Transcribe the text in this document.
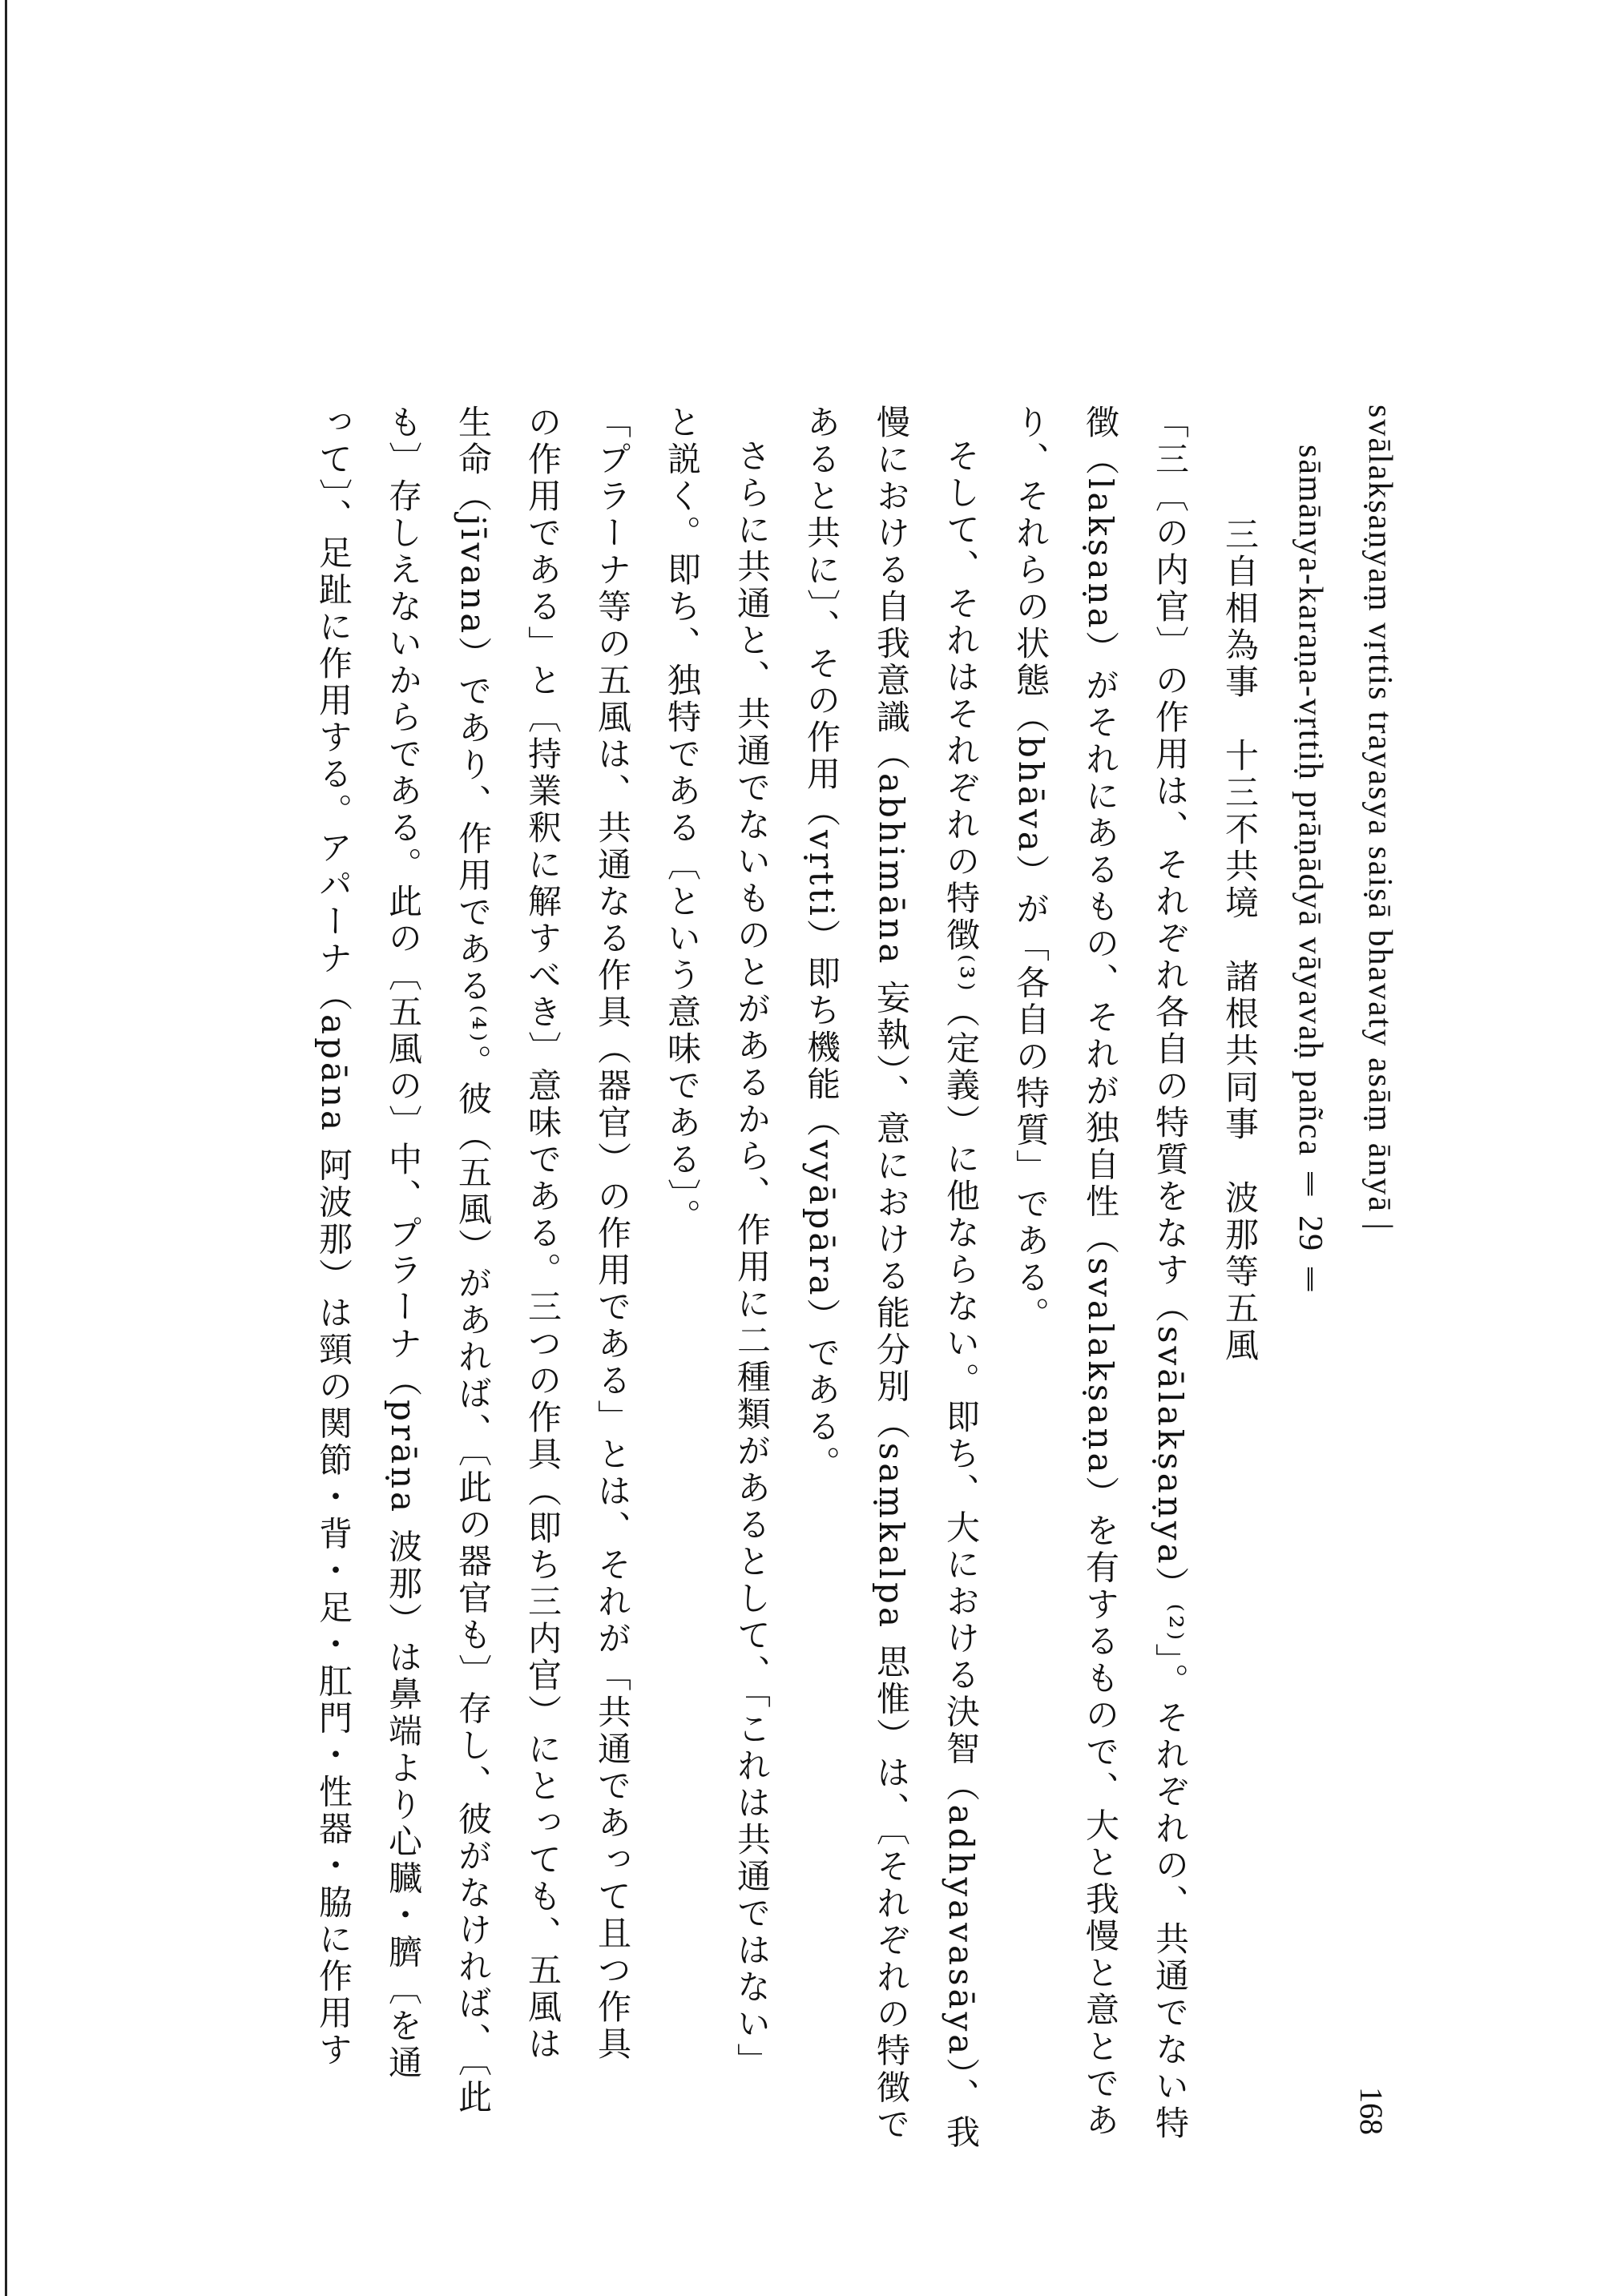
svālakṣaṇyaṃ vṛttis trayasya saiṣā bhavaty asāṃ ānyā |
sāmānya-karaṇa-vṛttiḥ prāṇādyā vāyavaḥ pañca ‖ 29 ‖
三自相為事　十三不共境　諸根共同事　波那等五風
「三〔の内官〕の作用は、それぞれ各自の特質をなす（svālakṣaṇya）⁽²⁾」。それぞれの、共通でない特
徴（lakṣaṇa）がそれにあるもの、それが独自性（svalakṣaṇa）を有するもので、大と我慢と意とであ
り、それらの状態（bhāva）が「各自の特質」である。
そして、それはそれぞれの特徴⁽³⁾（定義）に他ならない。即ち、大における決智（adhyavasāya）、我
慢における自我意識（abhimāna 妄執）、意における能分別（saṃkalpa 思惟）は、〔それぞれの特徴で
あると共に〕、その作用（vṛtti）即ち機能（vyāpāra）である。
さらに共通と、共通でないものとがあるから、作用に二種類があるとして、「これは共通ではない」
と説く。即ち、独特である〔という意味である〕。
「プラーナ等の五風は、共通なる作具（器官）の作用である」とは、それが「共通であって且つ作具
の作用である」と〔持業釈に解すべき〕意味である。三つの作具（即ち三内官）にとっても、五風は
生命（jīvana）であり、作用である⁽⁴⁾。彼（五風）があれば、〔此の器官も〕存し、彼がなければ、〔此
も〕存しえないからである。此の〔五風の〕中、プラーナ（prāṇa 波那）は鼻端より心臓・臍〔を通
って〕、足趾に作用する。アパーナ（apāna 阿波那）は頸の関節・背・足・肛門・性器・脇に作用す
168
